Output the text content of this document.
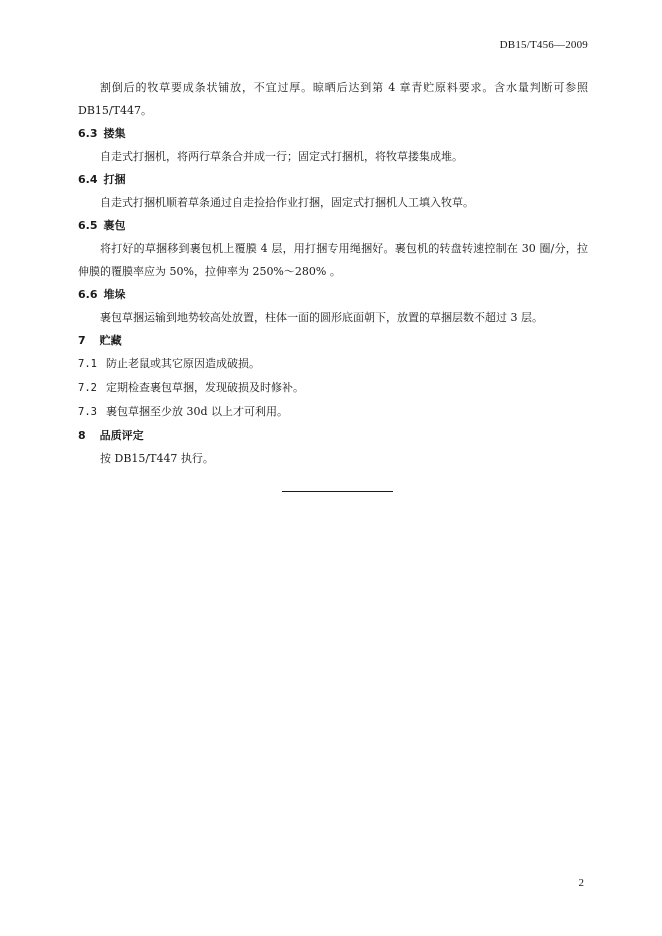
DB15/T456—2009

割倒后的牧草要成条状铺放，不宜过厚。晾晒后达到第 4 章青贮原料要求。含水量判断可参照DB15/T447。

6.3 搂集

自走式打捆机，将两行草条合并成一行；固定式打捆机，将牧草搂集成堆。

6.4 打捆

自走式打捆机顺着草条通过自走捡拾作业打捆，固定式打捆机人工填入牧草。

6.5 裹包

将打好的草捆移到裹包机上覆膜 4 层，用打捆专用绳捆好。裹包机的转盘转速控制在 30 圈/分，拉伸膜的覆膜率应为 50%，拉伸率为 250%～280% 。

6.6 堆垛

裹包草捆运输到地势较高处放置，柱体一面的圆形底面朝下，放置的草捆层数不超过 3 层。

7 贮藏

7.1 防止老鼠或其它原因造成破损。

7.2 定期检查裹包草捆，发现破损及时修补。

7.3 裹包草捆至少放 30d 以上才可利用。

8 品质评定

按 DB15/T447 执行。

2
